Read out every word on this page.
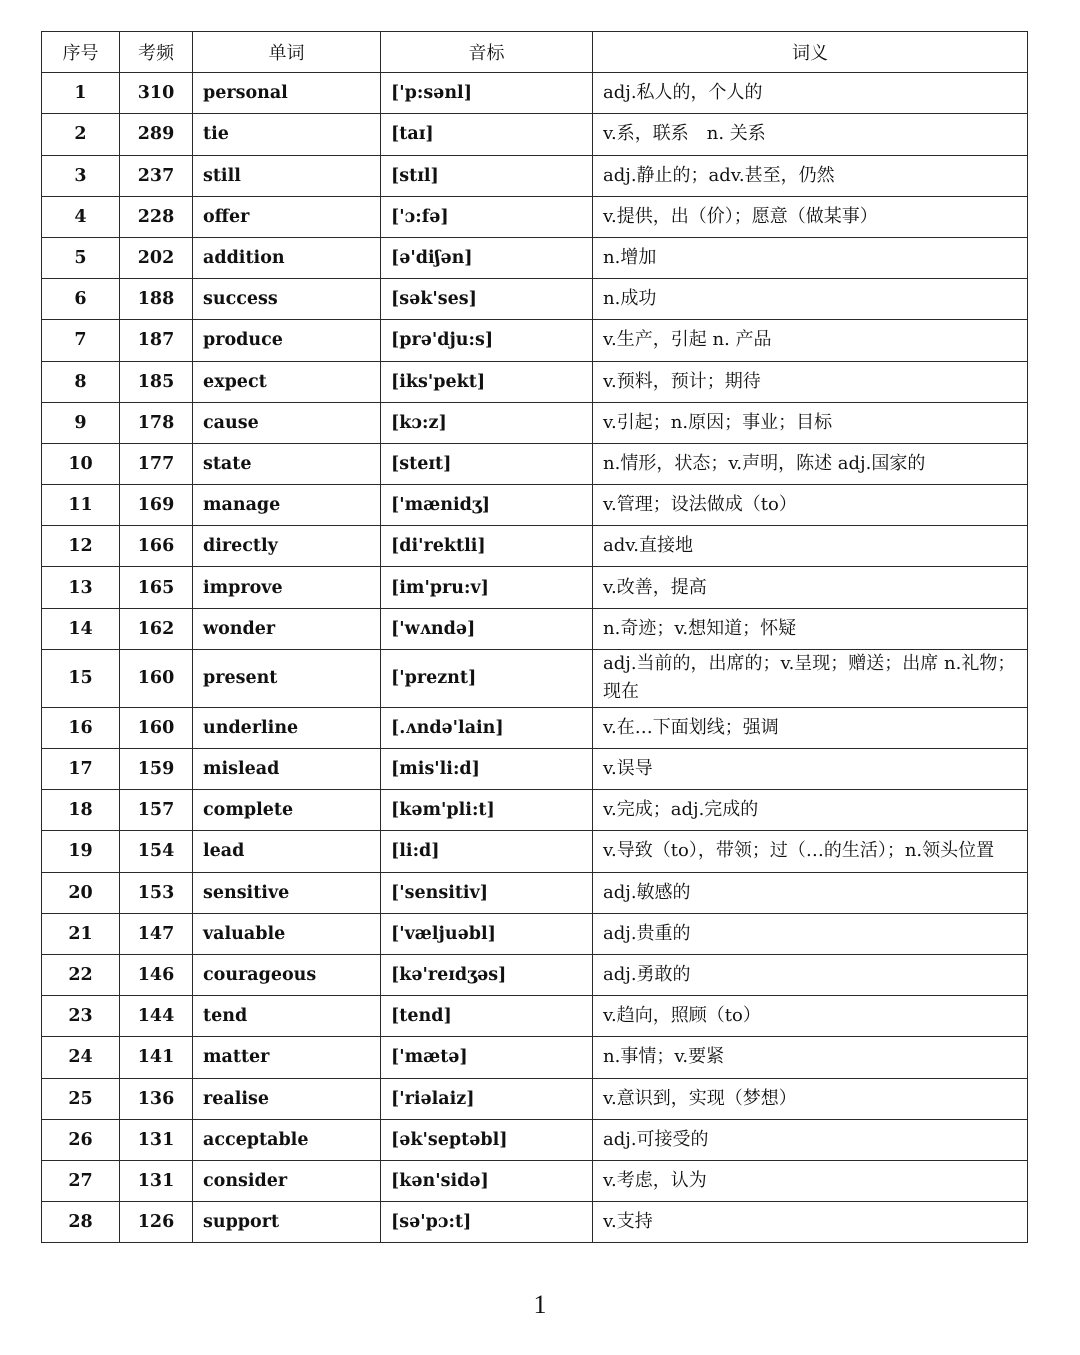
序号	考频	单词	音标	词义
1	310	personal	['p:sənl]	adj.私人的，个人的
2	289	tie	[taɪ]	v.系，联系　n. 关系
3	237	still	[stɪl]	adj.静止的；adv.甚至，仍然
4	228	offer	['ɔ:fə]	v.提供，出（价）；愿意（做某事）
5	202	addition	[ə'diʃən]	n.增加
6	188	success	[sək'ses]	n.成功
7	187	produce	[prə'dju:s]	v.生产，引起 n. 产品
8	185	expect	[iks'pekt]	v.预料，预计；期待
9	178	cause	[kɔ:z]	v.引起；n.原因；事业；目标
10	177	state	[steɪt]	n.情形，状态；v.声明，陈述 adj.国家的
11	169	manage	['mænidʒ]	v.管理；设法做成（to）
12	166	directly	[di'rektli]	adv.直接地
13	165	improve	[im'pru:v]	v.改善，提高
14	162	wonder	['wʌndə]	n.奇迹；v.想知道；怀疑
15	160	present	['preznt]	adj.当前的，出席的；v.呈现；赠送；出席 n.礼物；现在
16	160	underline	[.ʌndə'lain]	v.在…下面划线；强调
17	159	mislead	[mis'li:d]	v.误导
18	157	complete	[kəm'pli:t]	v.完成；adj.完成的
19	154	lead	[li:d]	v.导致（to），带领；过（…的生活）；n.领头位置
20	153	sensitive	['sensitiv]	adj.敏感的
21	147	valuable	['væljuəbl]	adj.贵重的
22	146	courageous	[kə'reɪdʒəs]	adj.勇敢的
23	144	tend	[tend]	v.趋向，照顾（to）
24	141	matter	['mætə]	n.事情；v.要紧
25	136	realise	['riəlaiz]	v.意识到，实现（梦想）
26	131	acceptable	[ək'septəbl]	adj.可接受的
27	131	consider	[kən'sidə]	v.考虑，认为
28	126	support	[sə'pɔ:t]	v.支持
1
